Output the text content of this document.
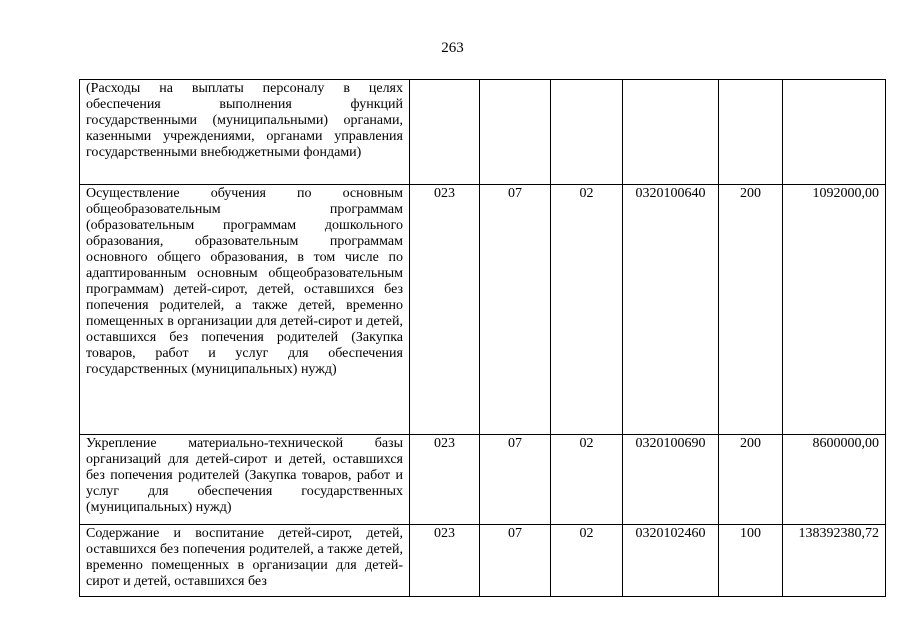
263
(Расходы на выплаты персоналу в целях обеспечения выполнения функций государственными (муниципальными) органами, казенными учреждениями, органами управления государственными внебюджетными фондами)						
Осуществление обучения по основным общеобразовательным программам (образовательным программам дошкольного образования, образовательным программам основного общего образования, в том числе по адаптированным основным общеобразовательным программам) детей-сирот, детей, оставшихся без попечения родителей, а также детей, временно помещенных в организации для детей-сирот и детей, оставшихся без попечения родителей (Закупка товаров, работ и услуг для обеспечения государственных (муниципальных) нужд)	023	07	02	0320100640	200	1092000,00
Укрепление материально-технической базы организаций для детей-сирот и детей, оставшихся без попечения родителей (Закупка товаров, работ и услуг для обеспечения государственных (муниципальных) нужд)	023	07	02	0320100690	200	8600000,00
Содержание и воспитание детей-сирот, детей, оставшихся без попечения родителей, а также детей, временно помещенных в организации для детей-сирот и детей, оставшихся без	023	07	02	0320102460	100	138392380,72
